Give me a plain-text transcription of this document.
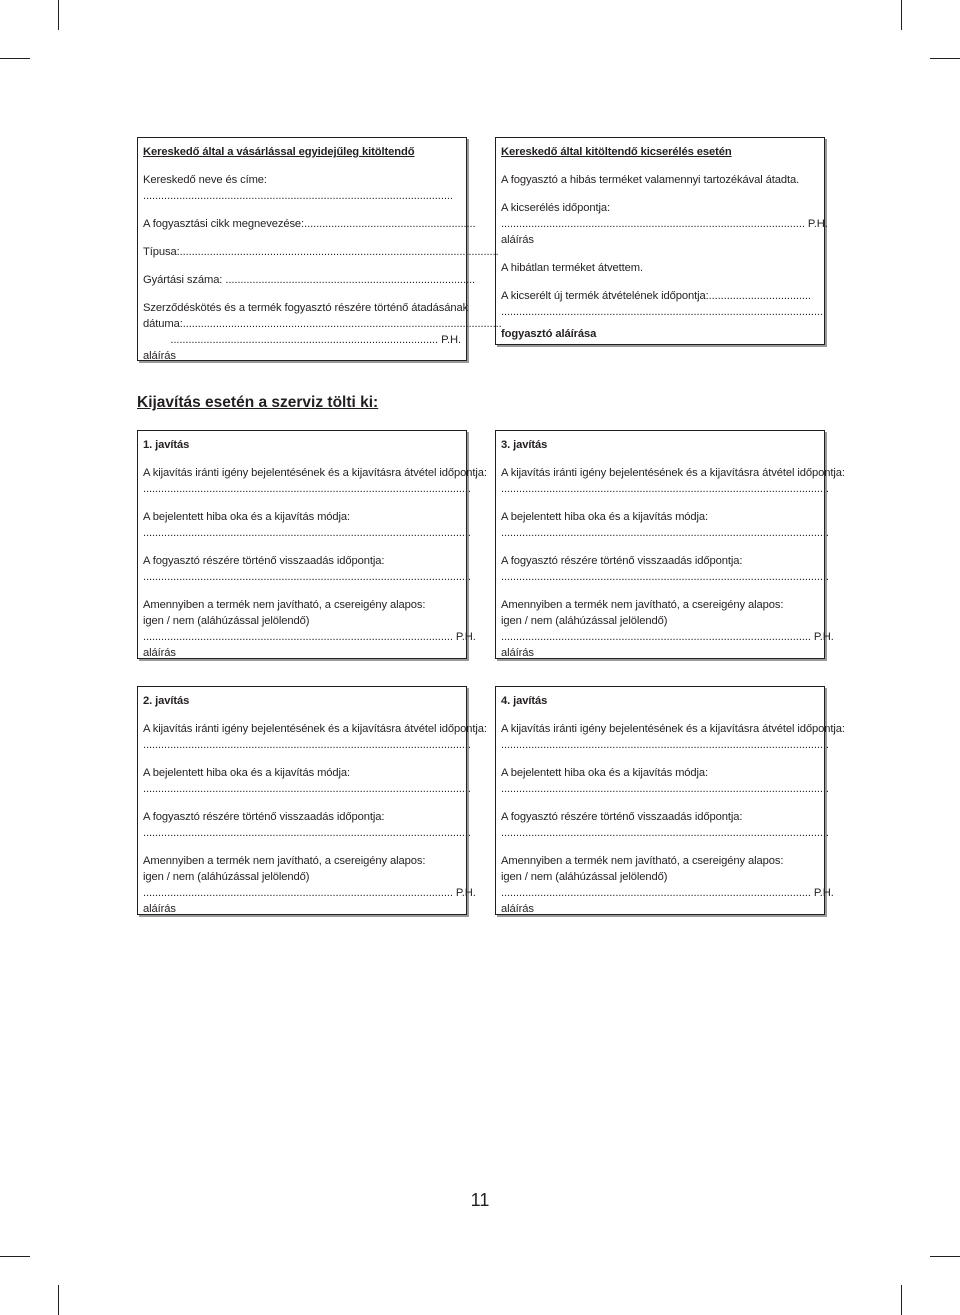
Kereskedő által a vásárlással egyidejűleg kitöltendő

Kereskedő neve és címe:

.......................................................................................................

A fogyasztási cikk megnevezése:.........................................................

Típusa:..........................................................................................................

Gyártási száma: ...................................................................................

Szerződéskötés és a termék fogyasztó részére történő átadásának

dátuma:..........................................................................................................

......................................................................................... P.H.

aláírás

Kereskedő által kitöltendő kicserélés esetén

A fogyasztó a hibás terméket valamennyi tartozékával átadta.

A kicserélés időpontja:

..................................................................................................... P.H.

aláírás

A hibátlan terméket átvettem.

A kicserélt új termék átvételének időpontja:..................................

...........................................................................................................

fogyasztó aláírása

Kijavítás esetén a szerviz tölti ki:

1. javítás

A kijavítás iránti igény bejelentésének és a kijavításra átvétel időpontja:

.............................................................................................................

A bejelentett hiba oka és a kijavítás módja:

.............................................................................................................

A fogyasztó részére történő visszaadás időpontja:

.............................................................................................................

Amennyiben a termék nem javítható, a csereigény alapos:

igen / nem (aláhúzással jelölendő)

....................................................................................................... P.H.

aláírás

3. javítás

A kijavítás iránti igény bejelentésének és a kijavításra átvétel időpontja:

.............................................................................................................

A bejelentett hiba oka és a kijavítás módja:

.............................................................................................................

A fogyasztó részére történő visszaadás időpontja:

.............................................................................................................

Amennyiben a termék nem javítható, a csereigény alapos:

igen / nem (aláhúzással jelölendő)

....................................................................................................... P.H.

aláírás

2. javítás

A kijavítás iránti igény bejelentésének és a kijavításra átvétel időpontja:

.............................................................................................................

A bejelentett hiba oka és a kijavítás módja:

.............................................................................................................

A fogyasztó részére történő visszaadás időpontja:

.............................................................................................................

Amennyiben a termék nem javítható, a csereigény alapos:

igen / nem (aláhúzással jelölendő)

....................................................................................................... P.H.

aláírás

4. javítás

A kijavítás iránti igény bejelentésének és a kijavításra átvétel időpontja:

.............................................................................................................

A bejelentett hiba oka és a kijavítás módja:

.............................................................................................................

A fogyasztó részére történő visszaadás időpontja:

.............................................................................................................

Amennyiben a termék nem javítható, a csereigény alapos:

igen / nem (aláhúzással jelölendő)

....................................................................................................... P.H.

aláírás

11
